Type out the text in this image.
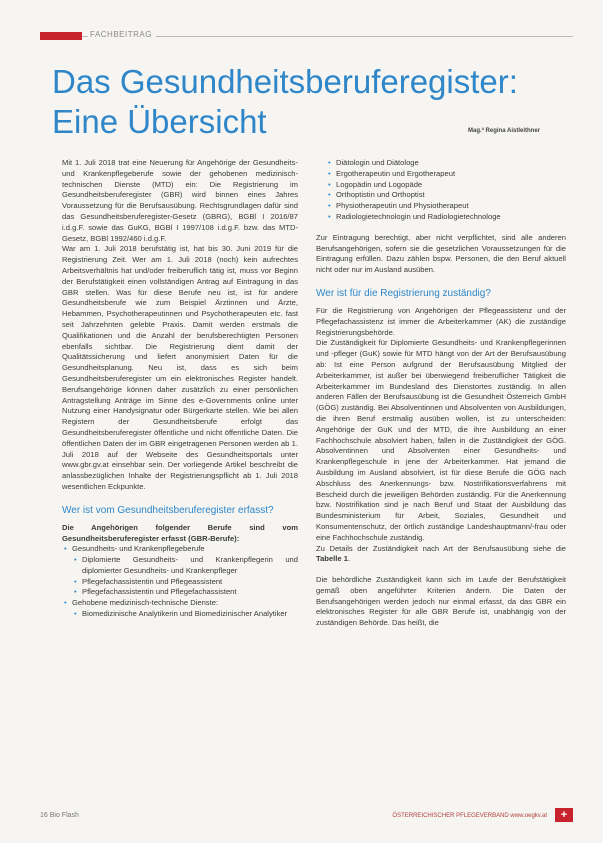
FACHBEITRAG
Das Gesundheitsberuferegister:
Eine Übersicht	Mag.ª Regina Aistleithner

Mit 1. Juli 2018 trat eine Neuerung für Angehörige der Gesundheits- und Krankenpflegeberufe sowie der gehobenen medizinisch-technischen Dienste (MTD) ein: Die Registrierung im Gesundheitsberuferegister (GBR) wird binnen eines Jahres Voraussetzung für die Berufsausübung. Rechtsgrundlagen dafür sind das Gesundheitsberuferegister-Gesetz (GBRG), BGBl I 2016/87 i.d.g.F. sowie das GuKG, BGBl I 1997/108 i.d.g.F. bzw. das MTD-Gesetz, BGBl 1992/460 i.d.g.F.

War am 1. Juli 2018 berufstätig ist, hat bis 30. Juni 2019 für die Registrierung Zeit. Wer am 1. Juli 2018 (noch) kein aufrechtes Arbeitsverhältnis hat und/oder freiberuflich tätig ist, muss vor Beginn der Berufstätigkeit einen vollständigen Antrag auf Eintragung in das GBR stellen. Was für diese Berufe neu ist, ist für andere Gesundheitsberufe wie zum Beispiel Ärztinnen und Ärzte, Hebammen, Psychotherapeutinnen und Psychotherapeuten etc. fast seit Jahrzehnten gelebte Praxis. Damit werden erstmals die Qualifikationen und die Anzahl der berufsberechtigten Personen ebenfalls sichtbar. Die Registrierung dient damit der Qualitätssicherung und liefert anonymisiert Daten für die Gesundheitsplanung. Neu ist, dass es sich beim Gesundheitsberuferegister um ein elektronisches Register handelt. Berufsangehörige können daher zusätzlich zu einer persönlichen Antragstellung Anträge im Sinne des e-Governments online unter Nutzung einer Handysignatur oder Bürgerkarte stellen. Wie bei allen Registern der Gesundheitsberufe erfolgt das Gesundheitsberuferegister öffentliche und nicht öffentliche Daten. Die öffentlichen Daten der im GBR eingetragenen Personen werden ab 1. Juli 2018 auf der Webseite des Gesundheitsportals unter www.gbr.gv.at einsehbar sein. Der vorliegende Artikel beschreibt die anlassbezüglichen Inhalte der Registrierungspflicht ab 1. Juli 2018 wesentlichen Eckpunkte.

Wer ist vom Gesundheitsberuferegister erfasst?

Die Angehörigen folgender Berufe sind vom Gesundheitsberuferegister erfasst (GBR-Berufe):

• Gesundheits- und Krankenpflegeberufe
• Diplomierte Gesundheits- und Krankenpflegerin und diplomierter Gesundheits- und Krankenpfleger
• Pflegefachassistentin und Pflegeassistent
• Pflegefachassistentin und Pflegefachassistent
• Gehobene medizinisch-technische Dienste:
• Biomedizinische Analytikerin und Biomedizinischer Analytiker
• Diätologin und Diätologe
• Ergotherapeutin und Ergotherapeut
• Logopädin und Logopäde
• Orthoptistin und Orthoptist
• Physiotherapeutin und Physiotherapeut
• Radiologietechnologin und Radiologietechnologe

Zur Eintragung berechtigt, aber nicht verpflichtet, sind alle anderen Berufsangehörigen, sofern sie die gesetzlichen Voraussetzungen für die Eintragung erfüllen. Dazu zählen bspw. Personen, die den Beruf aktuell nicht oder nur im Ausland ausüben.

Wer ist für die Registrierung zuständig?

Für die Registrierung von Angehörigen der Pflegeassistenz und der Pflegefachassistenz ist immer die Arbeiterkammer (AK) die zuständige Registrierungsbehörde.

Die Zuständigkeit für Diplomierte Gesundheits- und Krankenpflegerinnen und -pfleger (GuK) sowie für MTD hängt von der Art der Berufsausübung ab: Ist eine Person aufgrund der Berufsausübung Mitglied der Arbeiterkammer, ist außer bei überwiegend freiberuflicher Tätigkeit die Arbeiterkammer im Bundesland des Dienstortes zuständig. In allen anderen Fällen der Berufsausübung ist die Gesundheit Österreich GmbH (GÖG) zuständig. Bei Absolventinnen und Absolventen von Ausbildungen, die ihren Beruf erstmalig ausüben wollen, ist zu unterscheiden: Angehörige der GuK und der MTD, die ihre Ausbildung an einer Fachhochschule absolviert haben, fallen in die Zuständigkeit der GÖG. Absolventinnen und Absolventen einer Gesundheits- und Krankenpflegeschule in jene der Arbeiterkammer. Hat jemand die Ausbildung im Ausland absolviert, ist für diese Berufe die GÖG nach Abschluss des Anerkennungs- bzw. Nostrifikationsverfahrens mit Bescheid durch die jeweiligen Behörden zuständig. Für die Anerkennung bzw. Nostrifikation sind je nach Beruf und Staat der Ausbildung das Bundesministerium für Arbeit, Soziales, Gesundheit und Konsumentenschutz, der örtlich zuständige Landeshauptmann/-frau oder eine Fachhochschule zuständig.

Zu Details der Zuständigkeit nach Art der Berufsausübung siehe die Tabelle 1.

Die behördliche Zuständigkeit kann sich im Laufe der Berufstätigkeit gemäß oben angeführter Kriterien ändern. Die Daten der Berufsangehörigen werden jedoch nur einmal erfasst, da das GBR ein elektronisches Register für alle GBR Berufe ist, unabhängig von der zuständigen Behörde. Das heißt, die

16 Bio Flash	ÖSTERREICHISCHER PFLEGEVERBAND www.oegkv.at	+
